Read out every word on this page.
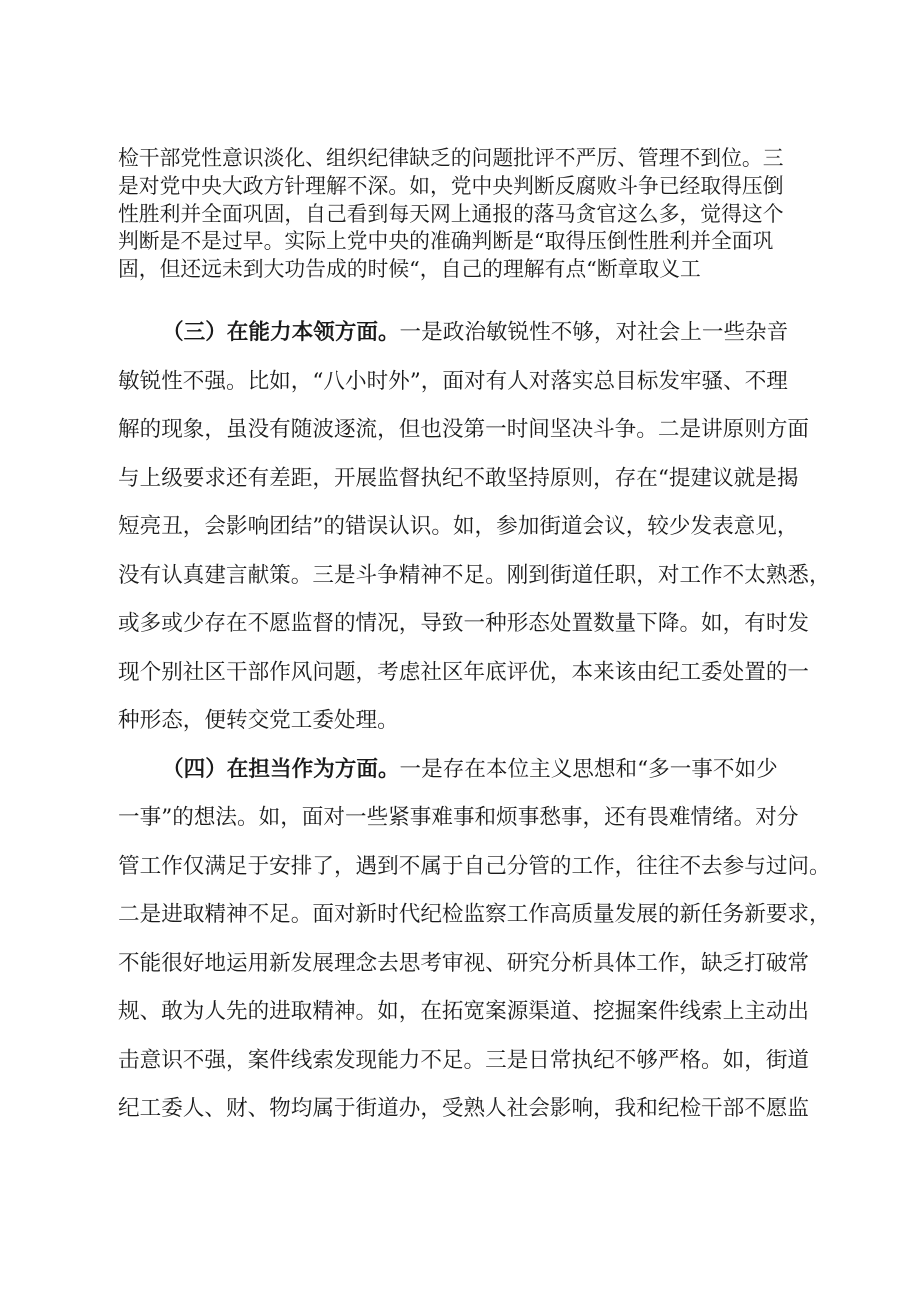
检干部党性意识淡化、组织纪律缺乏的问题批评不严厉、管理不到位。三
是对党中央大政方针理解不深。如，党中央判断反腐败斗争已经取得压倒
性胜利并全面巩固，自己看到每天网上通报的落马贪官这么多，觉得这个
判断是不是过早。实际上党中央的准确判断是“取得压倒性胜利并全面巩
固，但还远未到大功告成的时候“，自己的理解有点“断章取义工
（三）在能力本领方面。一是政治敏锐性不够，对社会上一些杂音
敏锐性不强。比如，“八小时外”，面对有人对落实总目标发牢骚、不理
解的现象，虽没有随波逐流，但也没第一时间坚决斗争。二是讲原则方面
与上级要求还有差距，开展监督执纪不敢坚持原则，存在“提建议就是揭
短亮丑，会影响团结”的错误认识。如，参加街道会议，较少发表意见，
没有认真建言献策。三是斗争精神不足。刚到街道任职，对工作不太熟悉，
或多或少存在不愿监督的情况，导致一种形态处置数量下降。如，有时发
现个别社区干部作风问题，考虑社区年底评优，本来该由纪工委处置的一
种形态，便转交党工委处理。
（四）在担当作为方面。一是存在本位主义思想和“多一事不如少
一事”的想法。如，面对一些紧事难事和烦事愁事，还有畏难情绪。对分
管工作仅满足于安排了，遇到不属于自己分管的工作，往往不去参与过问。
二是进取精神不足。面对新时代纪检监察工作高质量发展的新任务新要求，
不能很好地运用新发展理念去思考审视、研究分析具体工作，缺乏打破常
规、敢为人先的进取精神。如，在拓宽案源渠道、挖掘案件线索上主动出
击意识不强，案件线索发现能力不足。三是日常执纪不够严格。如，街道
纪工委人、财、物均属于街道办，受熟人社会影响，我和纪检干部不愿监
